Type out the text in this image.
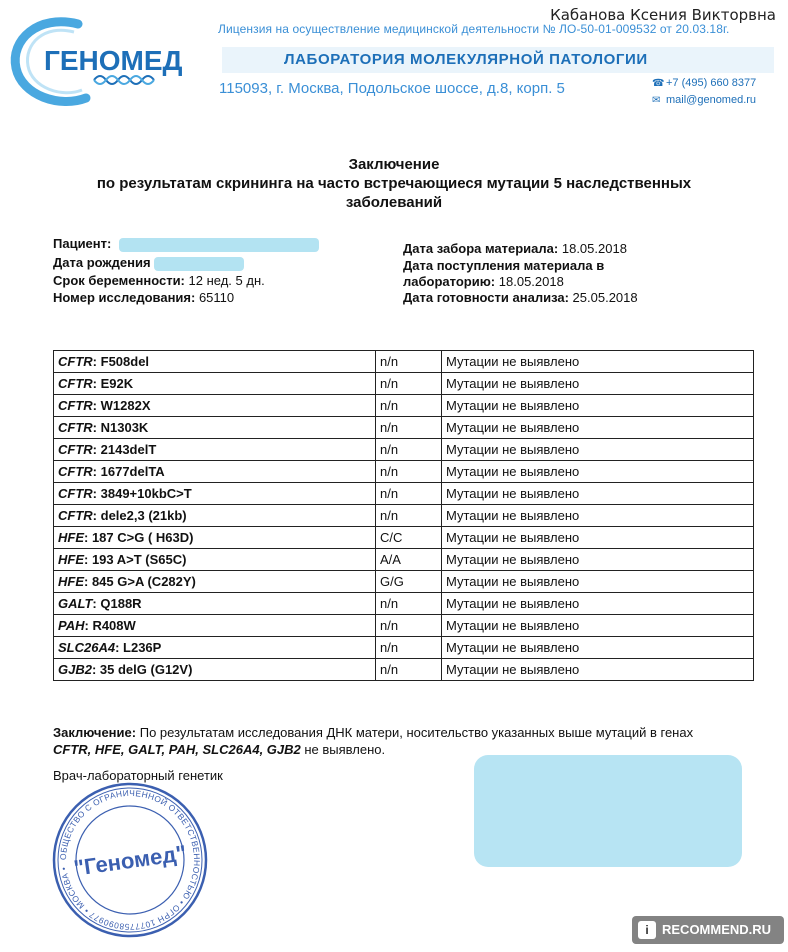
Кабанова Ксения Викторвна
ГЕНОМЕД
Лицензия на осуществление медицинской деятельности № ЛО-50-01-009532 от 20.03.18г.
ЛАБОРАТОРИЯ МОЛЕКУЛЯРНОЙ ПАТОЛОГИИ
115093, г. Москва, Подольское шоссе, д.8, корп. 5	☎ +7 (495) 660 8377
✉ mail@genomed.ru
Заключение
по результатам скрининга на часто встречающиеся мутации 5 наследственных
заболеваний
Пациент:
Дата рождения
Срок беременности: 12 нед. 5 дн.
Номер исследования: 65110
Дата забора материала: 18.05.2018
Дата поступления материала в
лабораторию: 18.05.2018
Дата готовности анализа: 25.05.2018
CFTR: F508del	n/n	Мутации не выявлено
CFTR: E92K	n/n	Мутации не выявлено
CFTR: W1282X	n/n	Мутации не выявлено
CFTR: N1303K	n/n	Мутации не выявлено
CFTR: 2143delT	n/n	Мутации не выявлено
CFTR: 1677delTA	n/n	Мутации не выявлено
CFTR: 3849+10kbC>T	n/n	Мутации не выявлено
CFTR: dele2,3 (21kb)	n/n	Мутации не выявлено
HFE: 187 C>G ( H63D)	C/C	Мутации не выявлено
HFE: 193 A>T (S65C)	A/A	Мутации не выявлено
HFE: 845 G>A (C282Y)	G/G	Мутации не выявлено
GALT: Q188R	n/n	Мутации не выявлено
PAH: R408W	n/n	Мутации не выявлено
SLC26A4: L236P	n/n	Мутации не выявлено
GJB2: 35 delG (G12V)	n/n	Мутации не выявлено
Заключение: По результатам исследования ДНК матери, носительство указанных выше мутаций в генах
CFTR, HFE, GALT, PAH, SLC26A4, GJB2 не выявлено.
Врач-лабораторный генетик
ОБЩЕСТВО С ОГРАНИЧЕННОЙ ОТВЕТСТВЕННОСТЬЮ • ОГРН 1077758090977 • МОСКВА • "Геномед"
i RECOMMEND.RU
